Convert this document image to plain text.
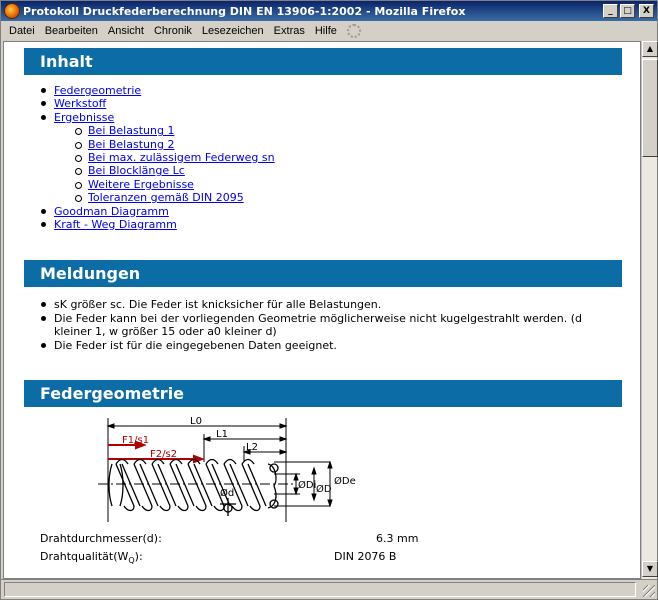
Protokoll Druckfederberechnung DIN EN 13906-1:2002 - Mozilla Firefox	_	□	X
Datei Bearbeiten Ansicht Chronik Lesezeichen Extras Hilfe
Inhalt
Federgeometrie
Werkstoff
Ergebnisse
Bei Belastung 1
Bei Belastung 2
Bei max. zulässigem Federweg sn
Bei Blocklänge Lc
Weitere Ergebnisse
Toleranzen gemäß DIN 2095
Goodman Diagramm
Kraft - Weg Diagramm
Meldungen
sK größer sc. Die Feder ist knicksicher für alle Belastungen.
Die Feder kann bei der vorliegenden Geometrie möglicherweise nicht kugelgestrahlt werden. (d kleiner 1, w größer 15 oder a0 kleiner d)
Die Feder ist für die eingegebenen Daten geeignet.
Federgeometrie
L0
L1
L2
F1/s1
F2/s2
Ød
ØDi ØD
ØDe
Drahtdurchmesser(d):	6.3 mm
$Drahtqualität(W_Q)$:	DIN 2076 B
▲
▼
